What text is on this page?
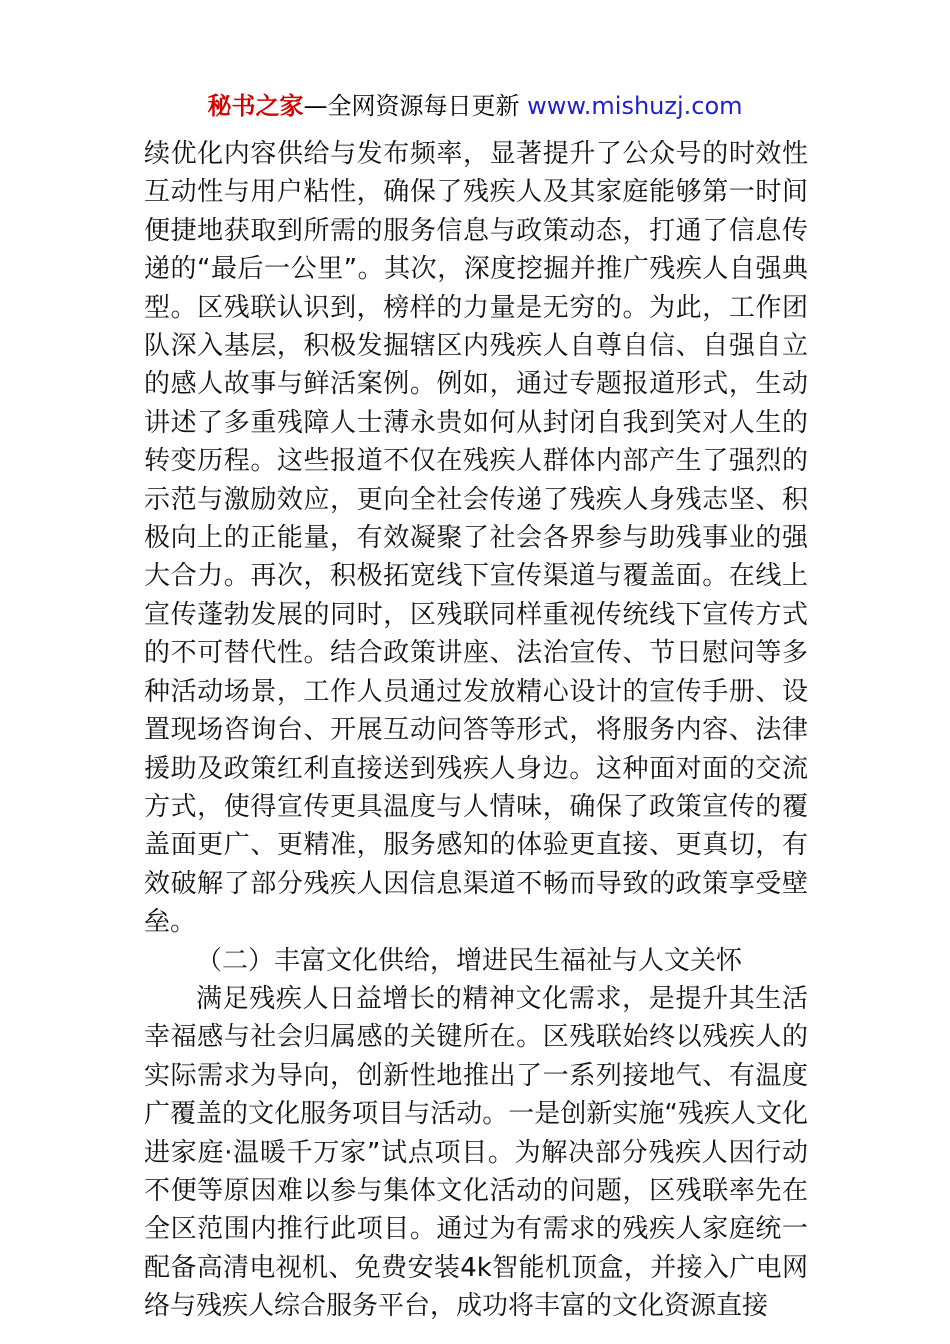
秘书之家—全网资源每日更新 www.mishuzj.com

续优化内容供给与发布频率，显著提升了公众号的时效性互动性与用户粘性，确保了残疾人及其家庭能够第一时间便捷地获取到所需的服务信息与政策动态，打通了信息传递的“最后一公里”。其次，深度挖掘并推广残疾人自强典型。区残联认识到，榜样的力量是无穷的。为此，工作团队深入基层，积极发掘辖区内残疾人自尊自信、自强自立的感人故事与鲜活案例。例如，通过专题报道形式，生动讲述了多重残障人士薄永贵如何从封闭自我到笑对人生的转变历程。这些报道不仅在残疾人群体内部产生了强烈的示范与激励效应，更向全社会传递了残疾人身残志坚、积极向上的正能量，有效凝聚了社会各界参与助残事业的强大合力。再次，积极拓宽线下宣传渠道与覆盖面。在线上宣传蓬勃发展的同时，区残联同样重视传统线下宣传方式的不可替代性。结合政策讲座、法治宣传、节日慰问等多种活动场景，工作人员通过发放精心设计的宣传手册、设置现场咨询台、开展互动问答等形式，将服务内容、法律援助及政策红利直接送到残疾人身边。这种面对面的交流方式，使得宣传更具温度与人情味，确保了政策宣传的覆盖面更广、更精准，服务感知的体验更直接、更真切，有效破解了部分残疾人因信息渠道不畅而导致的政策享受壁垒。

（二）丰富文化供给，增进民生福祉与人文关怀

满足残疾人日益增长的精神文化需求，是提升其生活幸福感与社会归属感的关键所在。区残联始终以残疾人的实际需求为导向，创新性地推出了一系列接地气、有温度广覆盖的文化服务项目与活动。一是创新实施“残疾人文化进家庭·温暖千万家”试点项目。为解决部分残疾人因行动不便等原因难以参与集体文化活动的问题，区残联率先在全区范围内推行此项目。通过为有需求的残疾人家庭统一配备高清电视机、免费安装4k智能机顶盒，并接入广电网络与残疾人综合服务平台，成功将丰富的文化资源直接
